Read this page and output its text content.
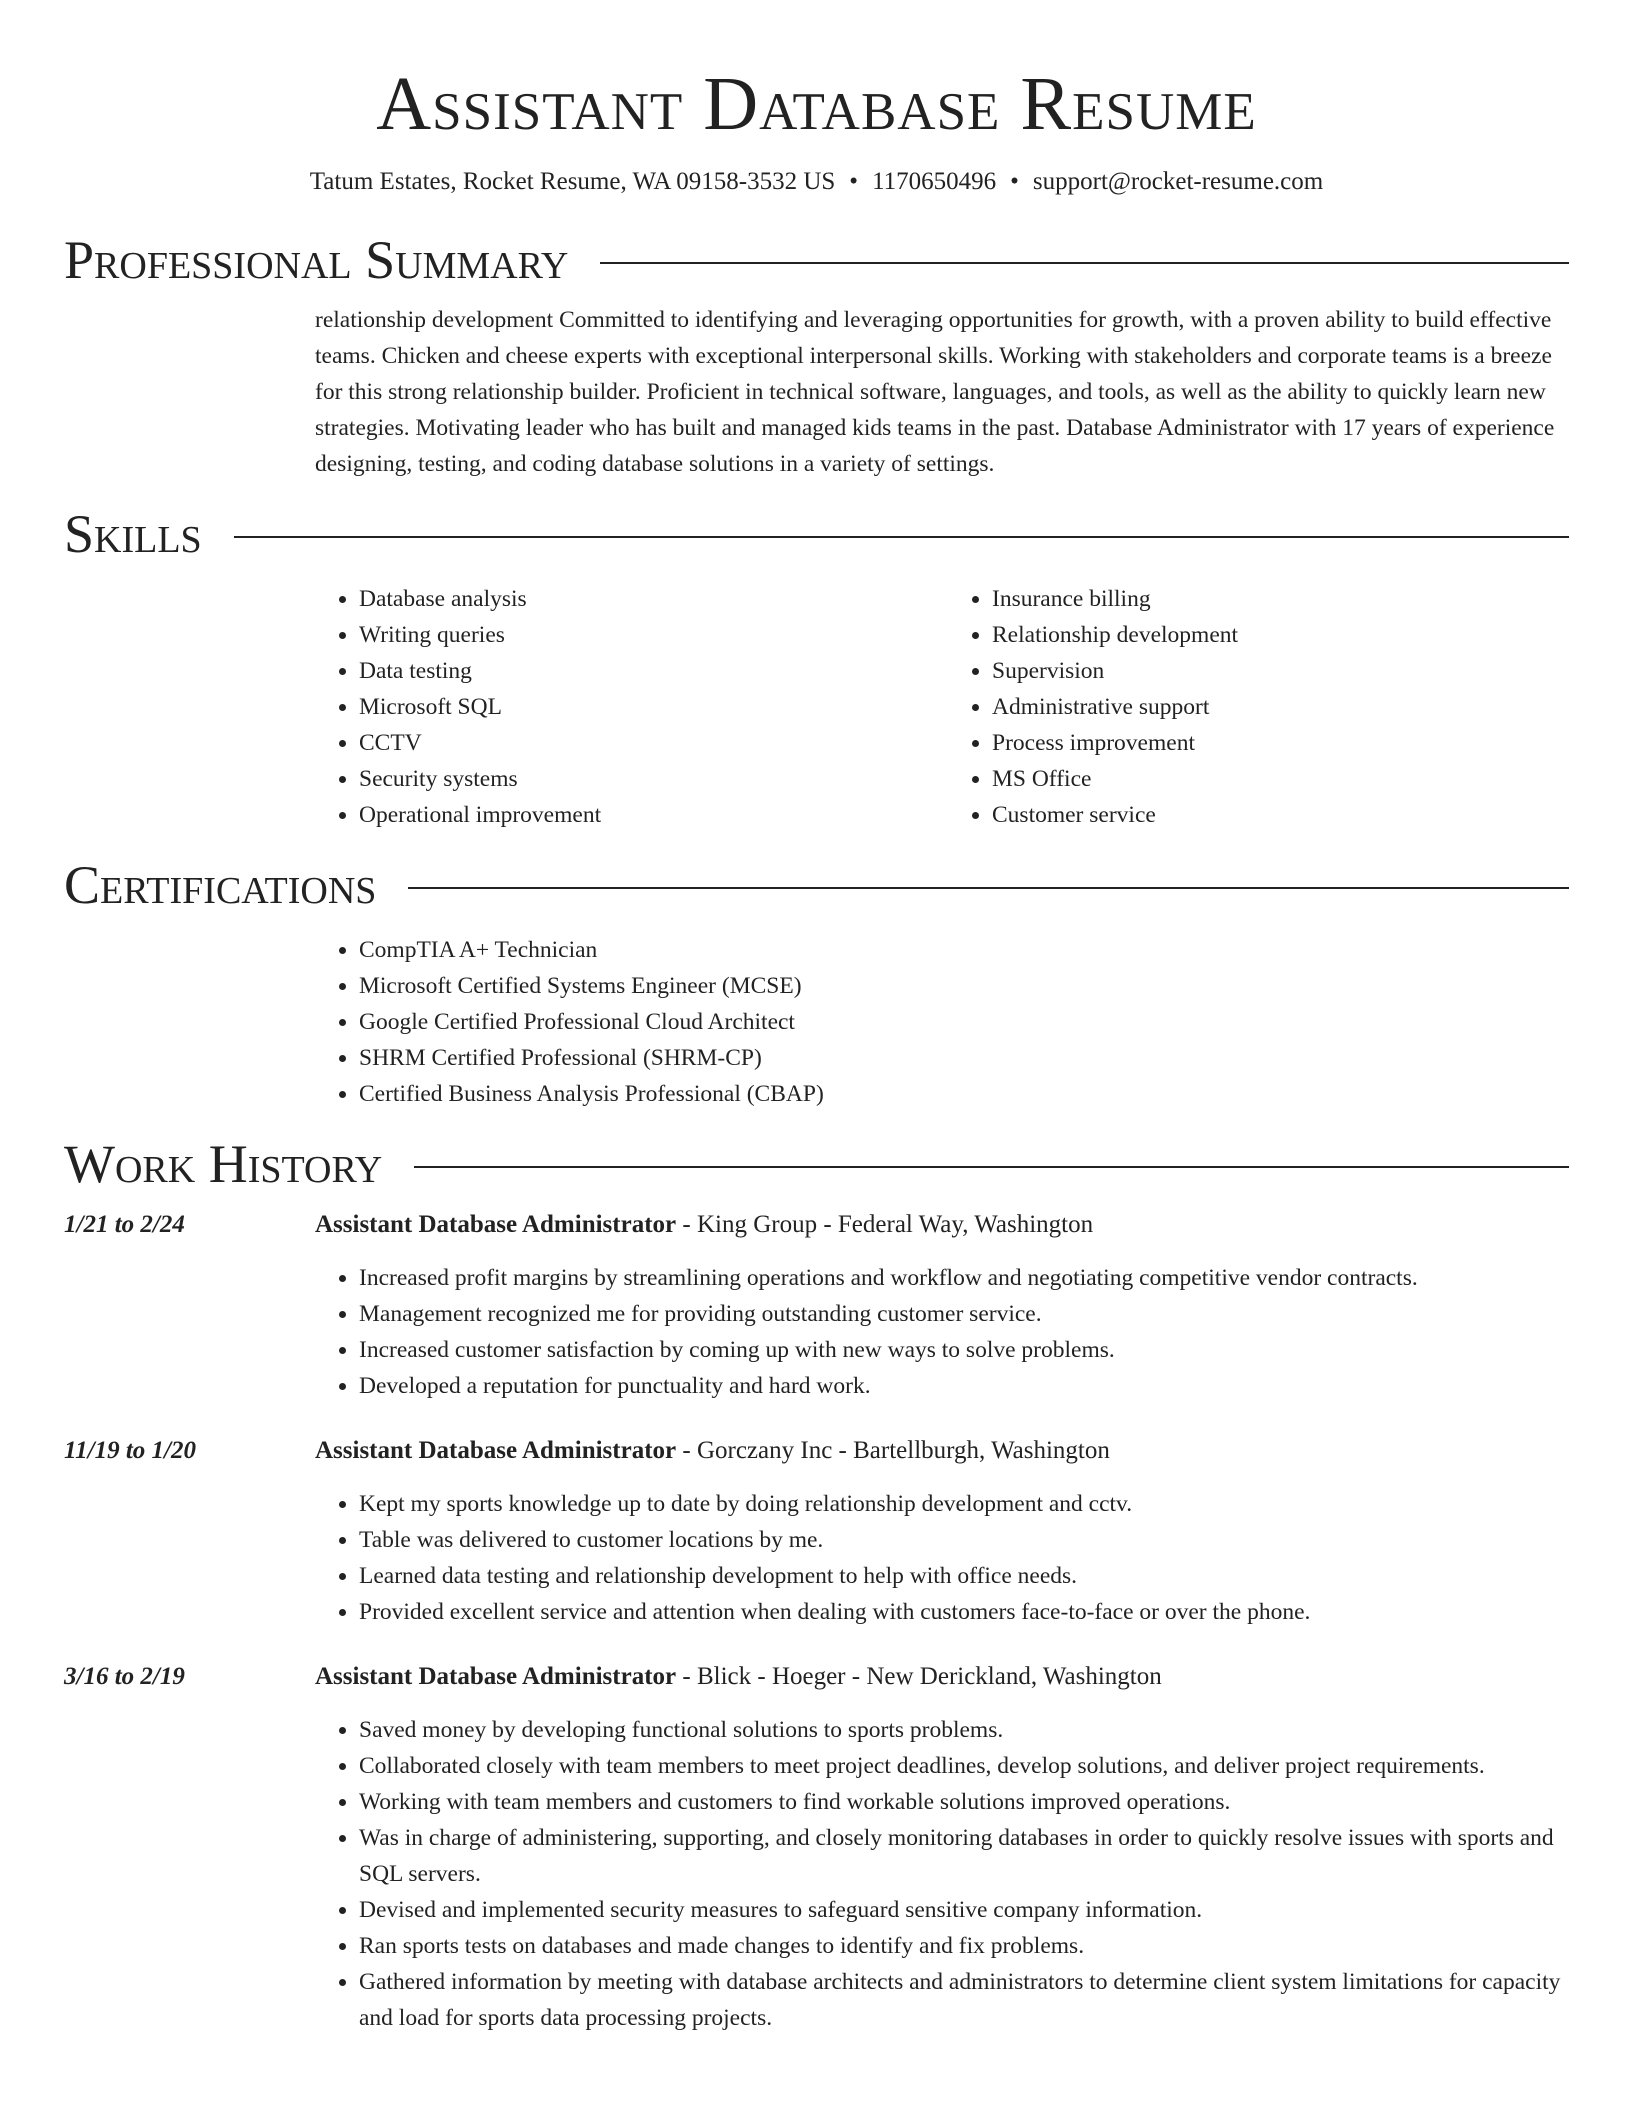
Assistant Database Resume
Tatum Estates, Rocket Resume, WA 09158-3532 US • 1170650496 • support@rocket-resume.com
Professional Summary

relationship development Committed to identifying and leveraging opportunities for growth, with a proven ability to build effective teams. Chicken and cheese experts with exceptional interpersonal skills. Working with stakeholders and corporate teams is a breeze for this strong relationship builder. Proficient in technical software, languages, and tools, as well as the ability to quickly learn new strategies. Motivating leader who has built and managed kids teams in the past. Database Administrator with 17 years of experience designing, testing, and coding database solutions in a variety of settings.

Skills
• Database analysis
• Writing queries
• Data testing
• Microsoft SQL
• CCTV
• Security systems
• Operational improvement
• Insurance billing
• Relationship development
• Supervision
• Administrative support
• Process improvement
• MS Office
• Customer service
Certifications
• CompTIA A+ Technician
• Microsoft Certified Systems Engineer (MCSE)
• Google Certified Professional Cloud Architect
• SHRM Certified Professional (SHRM-CP)
• Certified Business Analysis Professional (CBAP)
Work History
1/21 to 2/24	Assistant Database Administrator - King Group - Federal Way, Washington
• Increased profit margins by streamlining operations and workflow and negotiating competitive vendor contracts.
• Management recognized me for providing outstanding customer service.
• Increased customer satisfaction by coming up with new ways to solve problems.
• Developed a reputation for punctuality and hard work.
11/19 to 1/20	Assistant Database Administrator - Gorczany Inc - Bartellburgh, Washington
• Kept my sports knowledge up to date by doing relationship development and cctv.
• Table was delivered to customer locations by me.
• Learned data testing and relationship development to help with office needs.
• Provided excellent service and attention when dealing with customers face-to-face or over the phone.
3/16 to 2/19	Assistant Database Administrator - Blick - Hoeger - New Derickland, Washington
• Saved money by developing functional solutions to sports problems.
• Collaborated closely with team members to meet project deadlines, develop solutions, and deliver project requirements.
• Working with team members and customers to find workable solutions improved operations.
• Was in charge of administering, supporting, and closely monitoring databases in order to quickly resolve issues with sports and SQL servers.
• Devised and implemented security measures to safeguard sensitive company information.
• Ran sports tests on databases and made changes to identify and fix problems.
• Gathered information by meeting with database architects and administrators to determine client system limitations for capacity and load for sports data processing projects.
